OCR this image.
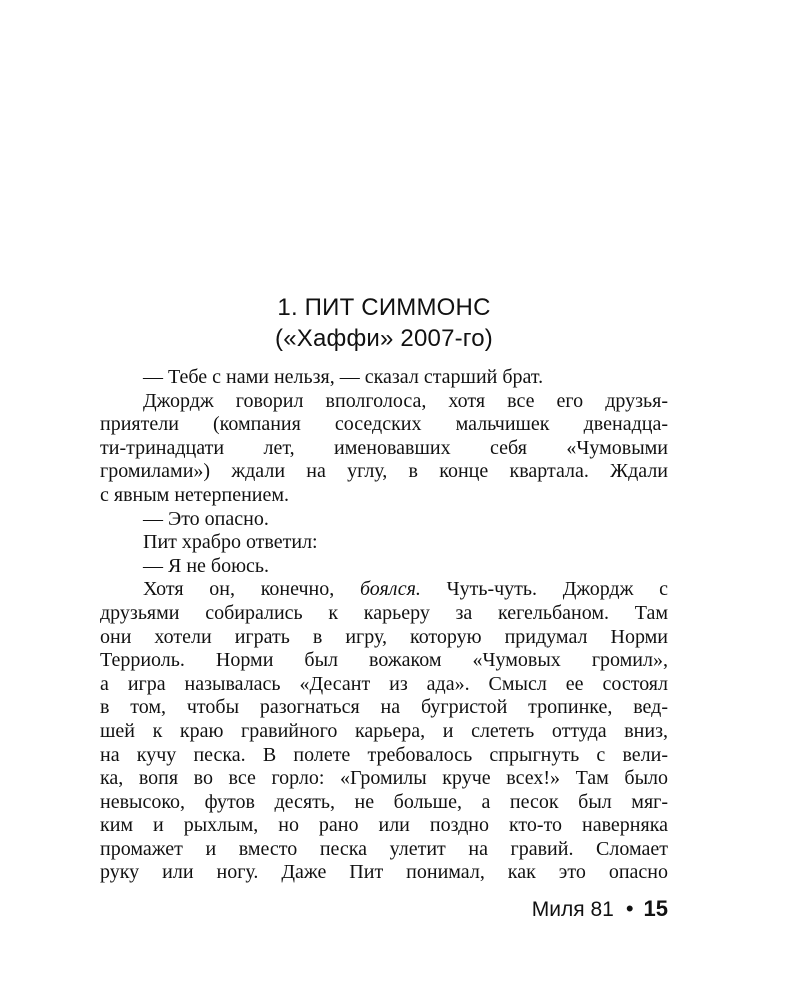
1. ПИТ СИММОНС
(«Хаффи» 2007-го)
— Тебе с нами нельзя, — сказал старший брат.
Джордж говорил вполголоса, хотя все его друзья-
приятели (компания соседских мальчишек двенадца-
ти-тринадцати лет, именовавших себя «Чумовыми
громилами») ждали на углу, в конце квартала. Ждали
с явным нетерпением.
— Это опасно.
Пит храбро ответил:
— Я не боюсь.
Хотя он, конечно, боялся. Чуть-чуть. Джордж с
друзьями собирались к карьеру за кегельбаном. Там
они хотели играть в игру, которую придумал Норми
Терриоль. Норми был вожаком «Чумовых громил»,
а игра называлась «Десант из ада». Смысл ее состоял
в том, чтобы разогнаться на бугристой тропинке, вед-
шей к краю гравийного карьера, и слететь оттуда вниз,
на кучу песка. В полете требовалось спрыгнуть с вели-
ка, вопя во все горло: «Громилы круче всех!» Там было
невысоко, футов десять, не больше, а песок был мяг-
ким и рыхлым, но рано или поздно кто-то наверняка
промажет и вместо песка улетит на гравий. Сломает
руку или ногу. Даже Пит понимал, как это опасно
Миля 81 • 15
